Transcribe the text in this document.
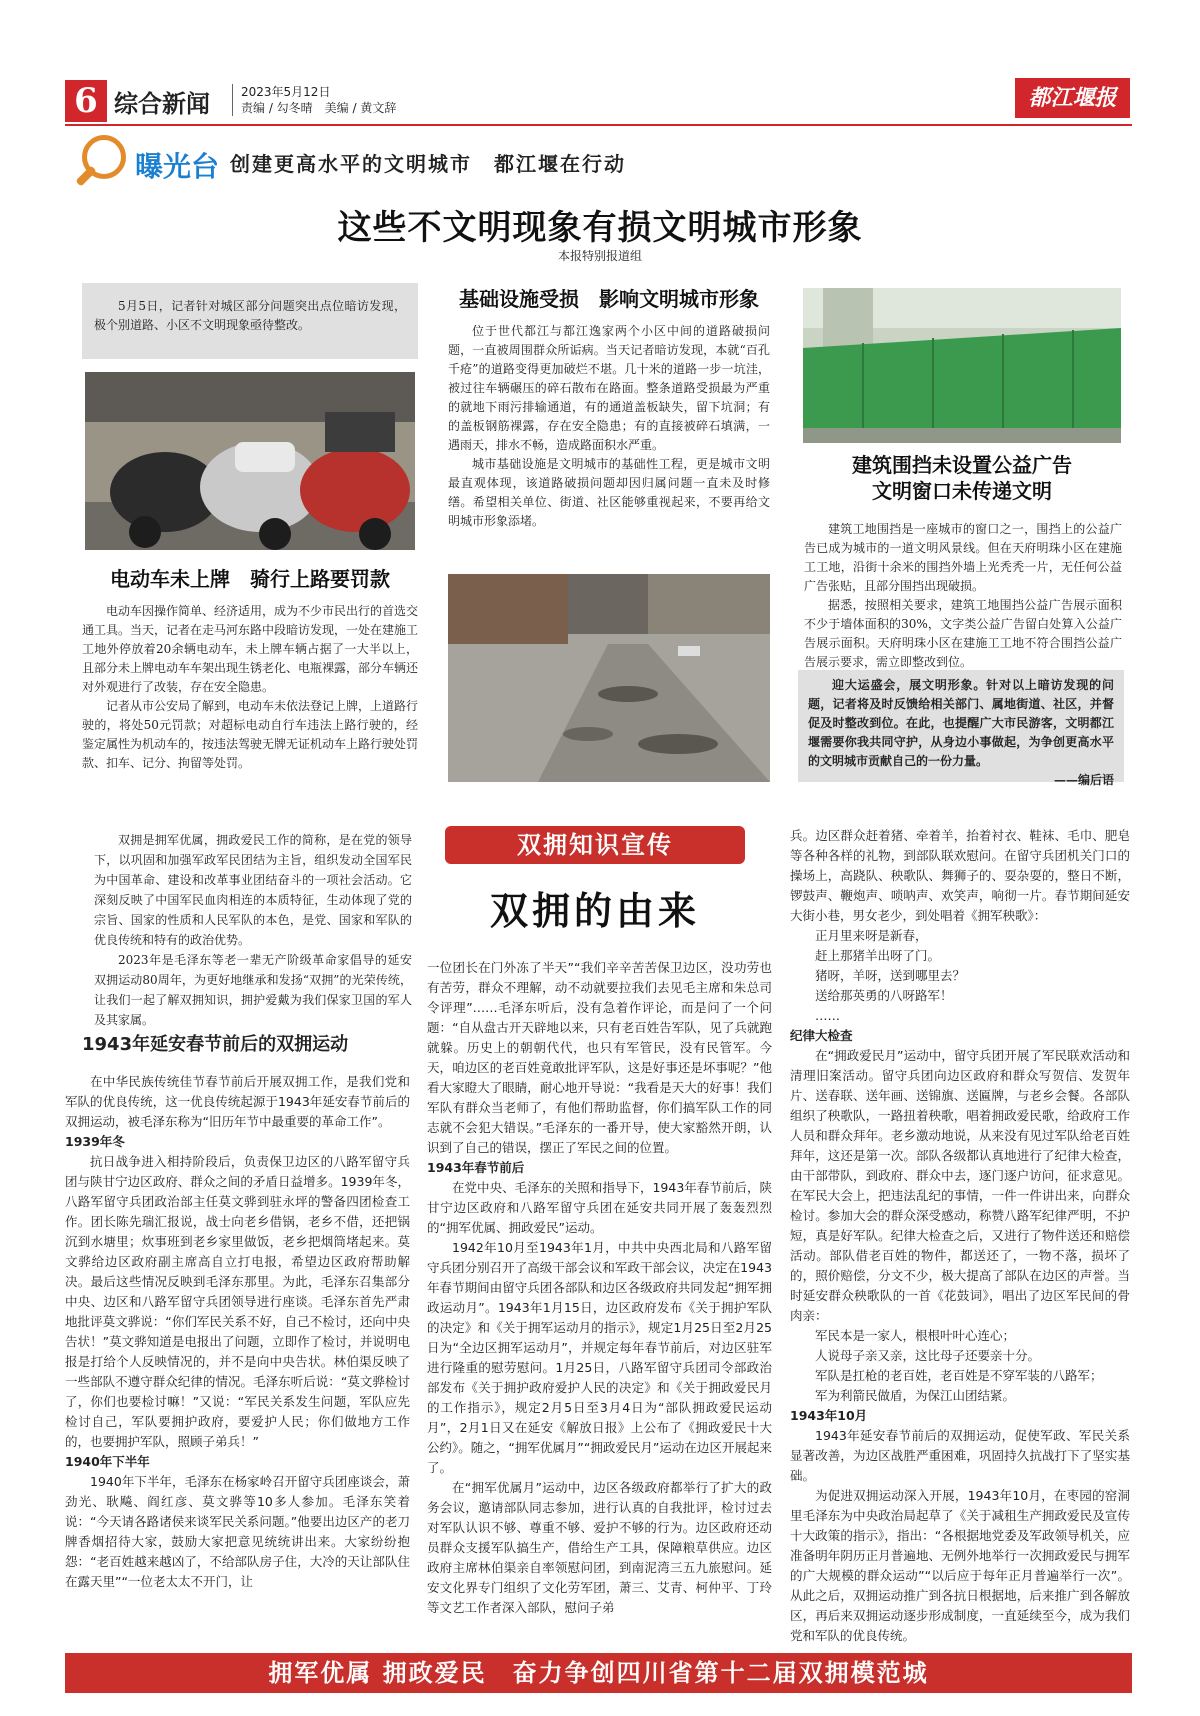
6 综合新闻	2023年5月12日
责编 / 勾冬晴　美编 / 黄文辞	都江堰报
曝光台 创建更高水平的文明城市　都江堰在行动
这些不文明现象有损文明城市形象
本报特别报道组

5月5日，记者针对城区部分问题突出点位暗访发现，极个别道路、小区不文明现象亟待整改。

电动车未上牌　骑行上路要罚款

电动车因操作简单、经济适用，成为不少市民出行的首选交通工具。当天，记者在走马河东路中段暗访发现，一处在建施工工地外停放着20余辆电动车，未上牌车辆占据了一大半以上，且部分未上牌电动车车架出现生锈老化、电瓶裸露，部分车辆还对外观进行了改装，存在安全隐患。

记者从市公安局了解到，电动车未依法登记上牌，上道路行驶的，将处50元罚款；对超标电动自行车违法上路行驶的，经鉴定属性为机动车的，按违法驾驶无牌无证机动车上路行驶处罚款、扣车、记分、拘留等处罚。

基础设施受损　影响文明城市形象

位于世代都江与都江逸家两个小区中间的道路破损问题，一直被周围群众所诟病。当天记者暗访发现，本就“百孔千疮”的道路变得更加破烂不堪。几十米的道路一步一坑洼，被过往车辆碾压的碎石散布在路面。整条道路受损最为严重的就地下雨污排输通道，有的通道盖板缺失，留下坑洞；有的盖板钢筋裸露，存在安全隐患；有的直接被碎石填满，一遇雨天，排水不畅，造成路面积水严重。

城市基础设施是文明城市的基础性工程，更是城市文明最直观体现，该道路破损问题却因归属问题一直未及时修缮。希望相关单位、街道、社区能够重视起来，不要再给文明城市形象添堵。

建筑围挡未设置公益广告
文明窗口未传递文明

建筑工地围挡是一座城市的窗口之一，围挡上的公益广告已成为城市的一道文明风景线。但在天府明珠小区在建施工工地，沿街十余米的围挡外墙上光秃秃一片，无任何公益广告张贴，且部分围挡出现破损。

据悉，按照相关要求，建筑工地围挡公益广告展示面积不少于墙体面积的30%，文字类公益广告留白处算入公益广告展示面积。天府明珠小区在建施工工地不符合围挡公益广告展示要求，需立即整改到位。

迎大运盛会，展文明形象。针对以上暗访发现的问题，记者将及时反馈给相关部门、属地街道、社区，并督促及时整改到位。在此，也提醒广大市民游客，文明都江堰需要你我共同守护，从身边小事做起，为争创更高水平的文明城市贡献自己的一份力量。

——编后语

双拥是拥军优属，拥政爱民工作的简称，是在党的领导下，以巩固和加强军政军民团结为主旨，组织发动全国军民为中国革命、建设和改革事业团结奋斗的一项社会活动。它深刻反映了中国军民血肉相连的本质特征，生动体现了党的宗旨、国家的性质和人民军队的本色，是党、国家和军队的优良传统和特有的政治优势。

2023年是毛泽东等老一辈无产阶级革命家倡导的延安双拥运动80周年，为更好地继承和发扬“双拥”的光荣传统，让我们一起了解双拥知识，拥护爱戴为我们保家卫国的军人及其家属。

双拥知识宣传
双拥的由来
1943年延安春节前后的双拥运动

在中华民族传统佳节春节前后开展双拥工作，是我们党和军队的优良传统，这一优良传统起源于1943年延安春节前后的双拥运动，被毛泽东称为“旧历年节中最重要的革命工作”。

1939年冬

抗日战争进入相持阶段后，负责保卫边区的八路军留守兵团与陕甘宁边区政府、群众之间的矛盾日益增多。1939年冬，八路军留守兵团政治部主任莫文骅到驻永坪的警备四团检查工作。团长陈先瑞汇报说，战士向老乡借锅，老乡不借，还把锅沉到水塘里；炊事班到老乡家里做饭，老乡把烟筒堵起来。莫文骅给边区政府副主席高自立打电报，希望边区政府帮助解决。最后这些情况反映到毛泽东那里。为此，毛泽东召集部分中央、边区和八路军留守兵团领导进行座谈。毛泽东首先严肃地批评莫文骅说：“你们军民关系不好，自己不检讨，还向中央告状！”莫文骅知道是电报出了问题，立即作了检讨，并说明电报是打给个人反映情况的，并不是向中央告状。林伯渠反映了一些部队不遵守群众纪律的情况。毛泽东听后说：“莫文骅检讨了，你们也要检讨嘛！”又说：“军民关系发生问题，军队应先检讨自己，军队要拥护政府，要爱护人民；你们做地方工作的，也要拥护军队，照顾子弟兵！”

1940年下半年

1940年下半年，毛泽东在杨家岭召开留守兵团座谈会，萧劲光、耿飚、阎红彦、莫文骅等10多人参加。毛泽东笑着说：“今天请各路诸侯来谈军民关系问题。”他要出边区产的老刀牌香烟招待大家，鼓励大家把意见统统讲出来。大家纷纷抱怨：“老百姓越来越凶了，不给部队房子住，大冷的天让部队住在露天里”“一位老太太不开门，让

一位团长在门外冻了半天”“我们辛辛苦苦保卫边区，没功劳也有苦劳，群众不理解，动不动就要拉我们去见毛主席和朱总司令评理”……毛泽东听后，没有急着作评论，而是问了一个问题：“自从盘古开天辟地以来，只有老百姓告军队，见了兵就跑就躲。历史上的朝朝代代，也只有军管民，没有民管军。今天，咱边区的老百姓竟敢批评军队，这是好事还是坏事呢？”他看大家瞪大了眼睛，耐心地开导说：“我看是天大的好事！我们军队有群众当老师了，有他们帮助监督，你们搞军队工作的同志就不会犯大错误。”毛泽东的一番开导，使大家豁然开朗，认识到了自己的错误，摆正了军民之间的位置。

1943年春节前后

在党中央、毛泽东的关照和指导下，1943年春节前后，陕甘宁边区政府和八路军留守兵团在延安共同开展了轰轰烈烈的“拥军优属、拥政爱民”运动。

1942年10月至1943年1月，中共中央西北局和八路军留守兵团分别召开了高级干部会议和军政干部会议，决定在1943年春节期间由留守兵团各部队和边区各级政府共同发起“拥军拥政运动月”。1943年1月15日，边区政府发布《关于拥护军队的决定》和《关于拥军运动月的指示》，规定1月25日至2月25日为“全边区拥军运动月”，并规定每年春节前后，对边区驻军进行隆重的慰劳慰问。1月25日，八路军留守兵团司令部政治部发布《关于拥护政府爱护人民的决定》和《关于拥政爱民月的工作指示》，规定2月5日至3月4日为“部队拥政爱民运动月”，2月1日又在延安《解放日报》上公布了《拥政爱民十大公约》。随之，“拥军优属月”“拥政爱民月”运动在边区开展起来了。

在“拥军优属月”运动中，边区各级政府都举行了扩大的政务会议，邀请部队同志参加，进行认真的自我批评，检讨过去对军队认识不够、尊重不够、爱护不够的行为。边区政府还动员群众支援军队搞生产，借给生产工具，保障粮草供应。边区政府主席林伯渠亲自率领慰问团，到南泥湾三五九旅慰问。延安文化界专门组织了文化劳军团，萧三、艾青、柯仲平、丁玲等文艺工作者深入部队，慰问子弟

兵。边区群众赶着猪、牵着羊，抬着衬衣、鞋袜、毛巾、肥皂等各种各样的礼物，到部队联欢慰问。在留守兵团机关门口的操场上，高跷队、秧歌队、舞狮子的、耍杂耍的，整日不断，锣鼓声、鞭炮声、唢呐声、欢笑声，响彻一片。春节期间延安大街小巷，男女老少，到处唱着《拥军秧歌》：

正月里来呀是新春，

赶上那猪羊出呀了门。

猪呀，羊呀，送到哪里去？

送给那英勇的八呀路军！

……

纪律大检查

在“拥政爱民月”运动中，留守兵团开展了军民联欢活动和清理旧案活动。留守兵团向边区政府和群众写贺信、发贺年片、送春联、送年画、送锦旗、送匾牌，与老乡会餐。各部队组织了秧歌队，一路扭着秧歌，唱着拥政爱民歌，给政府工作人员和群众拜年。老乡激动地说，从来没有见过军队给老百姓拜年，这还是第一次。部队各级都认真地进行了纪律大检查，由干部带队，到政府、群众中去，逐门逐户访问，征求意见。在军民大会上，把违法乱纪的事情，一件一件讲出来，向群众检讨。参加大会的群众深受感动，称赞八路军纪律严明，不护短，真是好军队。纪律大检查之后，又进行了物件送还和赔偿活动。部队借老百姓的物件，都送还了，一物不落，损坏了的，照价赔偿，分文不少，极大提高了部队在边区的声誉。当时延安群众秧歌队的一首《花鼓词》，唱出了边区军民间的骨肉亲：

军民本是一家人，根根叶叶心连心；

人说母子亲又亲，这比母子还要亲十分。

军队是扛枪的老百姓，老百姓是不穿军装的八路军；

军为利箭民做盾，为保江山团结紧。

1943年10月

1943年延安春节前后的双拥运动，促使军政、军民关系显著改善，为边区战胜严重困难，巩固持久抗战打下了坚实基础。

为促进双拥运动深入开展，1943年10月，在枣园的窑洞里毛泽东为中央政治局起草了《关于减租生产拥政爱民及宣传十大政策的指示》，指出：“各根据地党委及军政领导机关，应准备明年阴历正月普遍地、无例外地举行一次拥政爱民与拥军的广大规模的群众运动”“以后应于每年正月普遍举行一次”。从此之后，双拥运动推广到各抗日根据地，后来推广到各解放区，再后来双拥运动逐步形成制度，一直延续至今，成为我们党和军队的优良传统。

拥军优属 拥政爱民　奋力争创四川省第十二届双拥模范城
